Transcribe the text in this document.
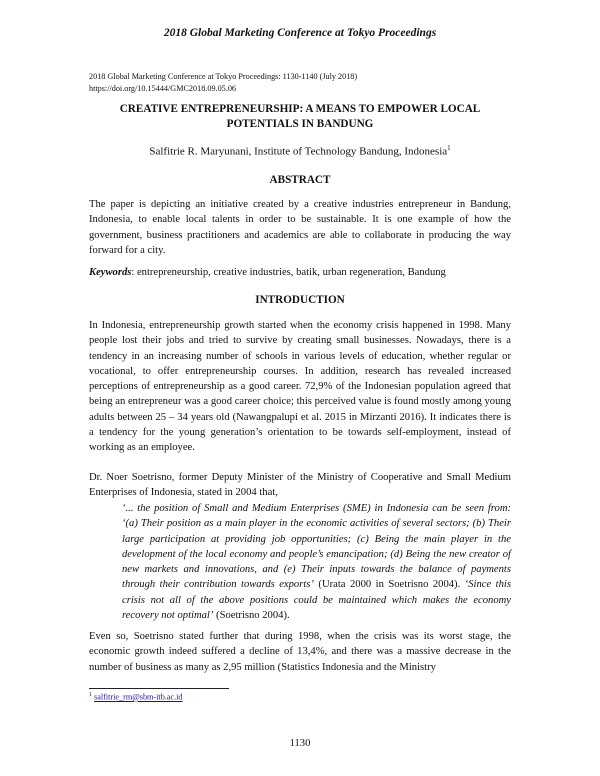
2018 Global Marketing Conference at Tokyo Proceedings
2018 Global Marketing Conference at Tokyo Proceedings: 1130-1140 (July 2018)
https://doi.org/10.15444/GMC2018.09.05.06
CREATIVE ENTREPRENEURSHIP: A MEANS TO EMPOWER LOCAL
POTENTIALS IN BANDUNG
Salfitrie R. Maryunani, Institute of Technology Bandung, Indonesia$^1$
ABSTRACT

The paper is depicting an initiative created by a creative industries entrepreneur in Bandung, Indonesia, to enable local talents in order to be sustainable. It is one example of how the government, business practitioners and academics are able to collaborate in producing the way forward for a city.

Keywords: entrepreneurship, creative industries, batik, urban regeneration, Bandung

INTRODUCTION

In Indonesia, entrepreneurship growth started when the economy crisis happened in 1998. Many people lost their jobs and tried to survive by creating small businesses. Nowadays, there is a tendency in an increasing number of schools in various levels of education, whether regular or vocational, to offer entrepreneurship courses. In addition, research has revealed increased perceptions of entrepreneurship as a good career. 72,9% of the Indonesian population agreed that being an entrepreneur was a good career choice; this perceived value is found mostly among young adults between 25 – 34 years old (Nawangpalupi et al. 2015 in Mirzanti 2016). It indicates there is a tendency for the young generation’s orientation to be towards self-employment, instead of working as an employee.

Dr. Noer Soetrisno, former Deputy Minister of the Ministry of Cooperative and Small Medium Enterprises of Indonesia, stated in 2004 that,

‘... the position of Small and Medium Enterprises (SME) in Indonesia can be seen from: ‘(a) Their position as a main player in the economic activities of several sectors; (b) Their large participation at providing job opportunities; (c) Being the main player in the development of the local economy and people’s emancipation; (d) Being the new creator of new markets and innovations, and (e) Their inputs towards the balance of payments through their contribution towards exports’ (Urata 2000 in Soetrisno 2004). ‘Since this crisis not all of the above positions could be maintained which makes the economy recovery not optimal’ (Soetrisno 2004).

Even so, Soetrisno stated further that during 1998, when the crisis was its worst stage, the economic growth indeed suffered a decline of 13,4%, and there was a massive decrease in the number of business as many as 2,95 million (Statistics Indonesia and the Ministry

$^1$ salfitrie_rm@sbm-itb.ac.id
1130
